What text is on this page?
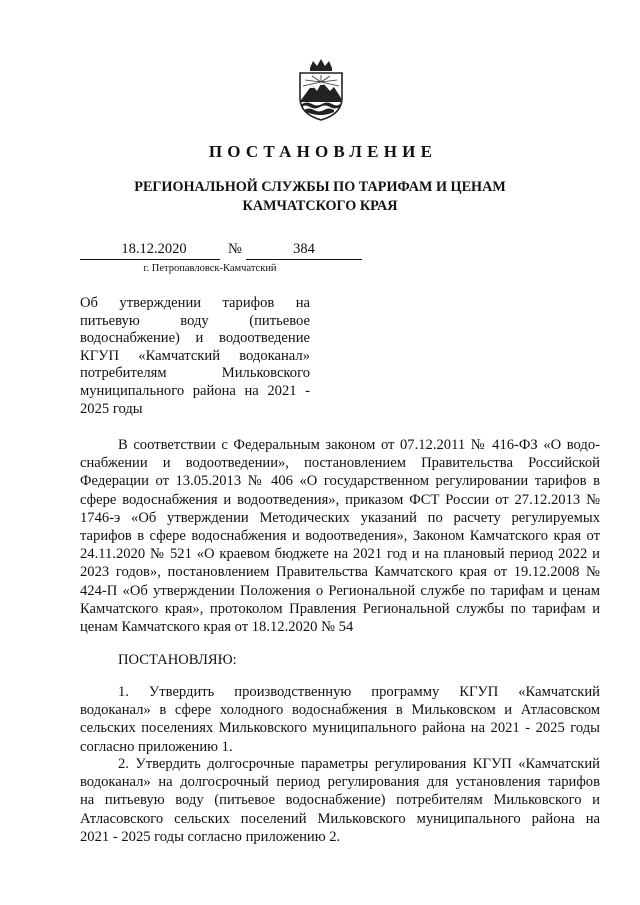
ПОСТАНОВЛЕНИЕ
РЕГИОНАЛЬНОЙ СЛУЖБЫ ПО ТАРИФАМ И ЦЕНАМ
КАМЧАТСКОГО КРАЯ
18.12.2020	№	384
г. Петропавловск-Камчатский
Об утверждении тарифов на
питьевую воду (питьевое
водоснабжение) и водоотведение
КГУП «Камчатский водоканал»
потребителям Мильковского
муниципального района на 2021 -
2025 годы
В соответствии с Федеральным законом от 07.12.2011 № 416-ФЗ «О водо-
снабжении и водоотведении», постановлением Правительства Российской
Федерации от 13.05.2013 № 406 «О государственном регулировании тарифов в
сфере водоснабжения и водоотведения», приказом ФСТ России от 27.12.2013 №
1746-э «Об утверждении Методических указаний по расчету регулируемых
тарифов в сфере водоснабжения и водоотведения», Законом Камчатского края от
24.11.2020 № 521 «О краевом бюджете на 2021 год и на плановый период 2022 и
2023 годов», постановлением Правительства Камчатского края от 19.12.2008 №
424-П «Об утверждении Положения о Региональной службе по тарифам и ценам
Камчатского края», протоколом Правления Региональной службы по тарифам и
ценам Камчатского края от 18.12.2020 № 54
ПОСТАНОВЛЯЮ:
1. Утвердить производственную программу КГУП «Камчатский
водоканал» в сфере холодного водоснабжения в Мильковском и Атласовском
сельских поселениях Мильковского муниципального района на 2021 - 2025 годы
согласно приложению 1.
2. Утвердить долгосрочные параметры регулирования КГУП «Камчатский
водоканал» на долгосрочный период регулирования для установления тарифов
на питьевую воду (питьевое водоснабжение) потребителям Мильковского и
Атласовского сельских поселений Мильковского муниципального района на
2021 - 2025 годы согласно приложению 2.
